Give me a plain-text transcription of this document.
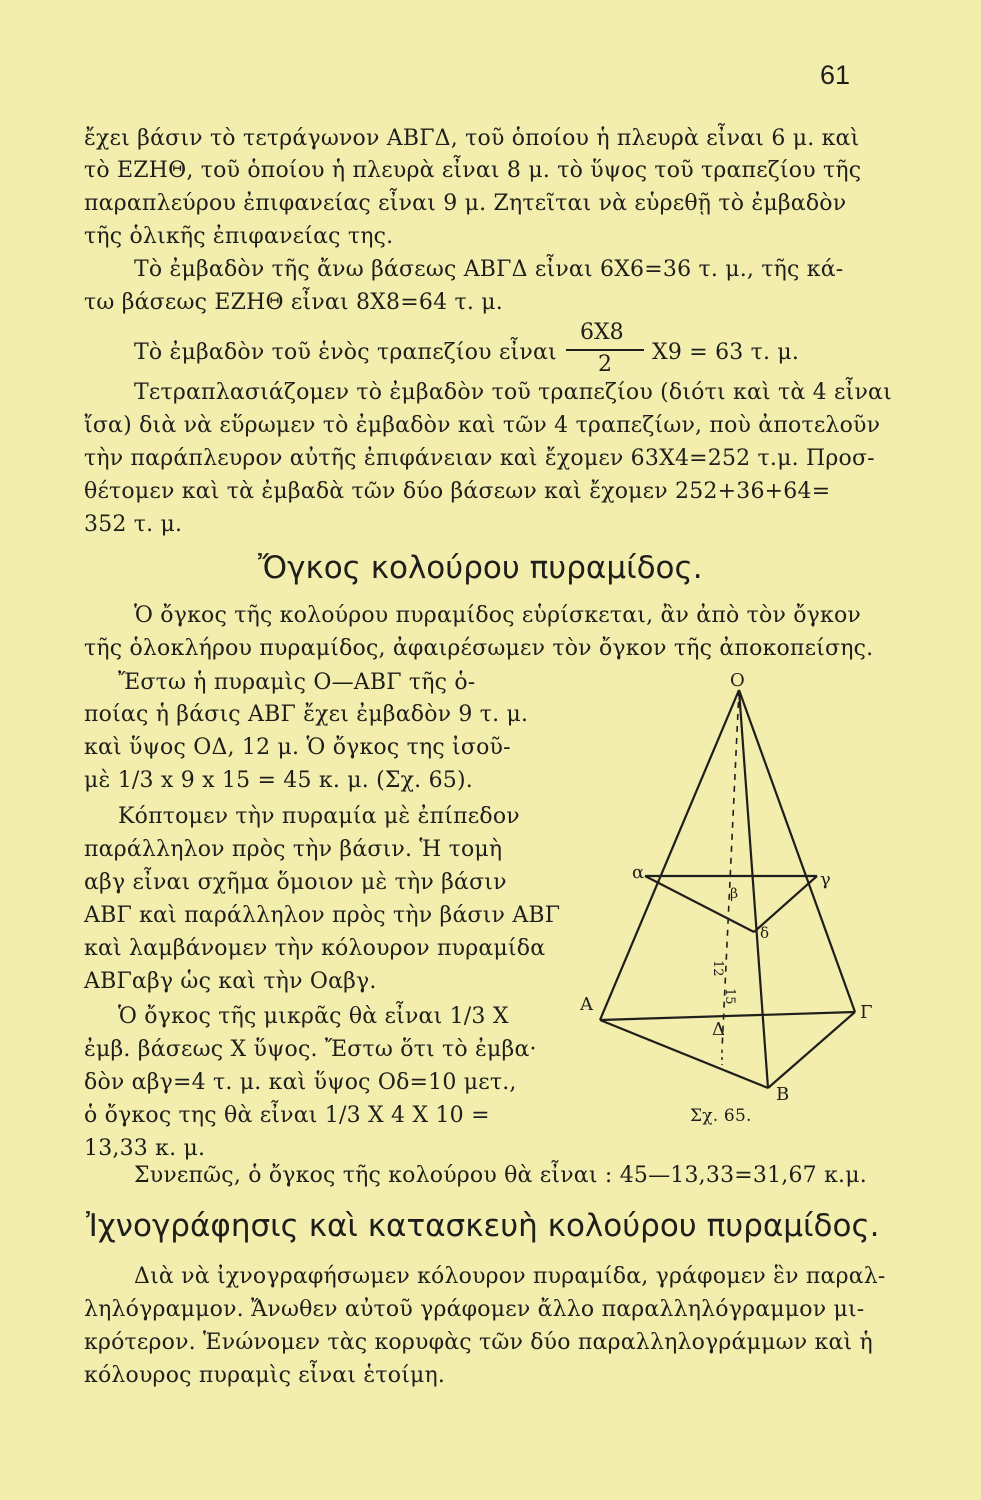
61
ἔχει βάσιν τὸ τετράγωνον ΑΒΓΔ, τοῦ ὁποίου ἡ πλευρὰ εἶναι 6 μ. καὶ
τὸ ΕΖΗΘ, τοῦ ὁποίου ἡ πλευρὰ εἶναι 8 μ. τὸ ὕψος τοῦ τραπεζίου τῆς
παραπλεύρου ἐπιφανείας εἶναι 9 μ. Ζητεῖται νὰ εὑρεθῇ τὸ ἐμβαδὸν
τῆς ὁλικῆς ἐπιφανείας της.
Τὸ ἐμβαδὸν τῆς ἄνω βάσεως ΑΒΓΔ εἶναι 6Χ6=36 τ. μ., τῆς κά-
τω βάσεως ΕΖΗΘ εἶναι 8Χ8=64 τ. μ.
Τὸ ἐμβαδὸν τοῦ ἑνὸς τραπεζίου εἶναι
6Χ8
2 Χ9 = 63 τ. μ.
Τετραπλασιάζομεν τὸ ἐμβαδὸν τοῦ τραπεζίου (διότι καὶ τὰ 4 εἶναι
ἴσα) διὰ νὰ εὕρωμεν τὸ ἐμβαδὸν καὶ τῶν 4 τραπεζίων, ποὺ ἀποτελοῦν
τὴν παράπλευρον αὐτῆς ἐπιφάνειαν καὶ ἔχομεν 63Χ4=252 τ.μ. Προσ-
θέτομεν καὶ τὰ ἐμβαδὰ τῶν δύο βάσεων καὶ ἔχομεν 252+36+64=
352 τ. μ.
Ὄγκος κολούρου πυραμίδος.
Ὁ ὄγκος τῆς κολούρου πυραμίδος εὑρίσκεται, ἂν ἀπὸ τὸν ὄγκον
τῆς ὁλοκλήρου πυραμίδος, ἀφαιρέσωμεν τὸν ὄγκον τῆς ἀποκοπείσης.
Ἔστω ἡ πυραμὶς Ο—ΑΒΓ τῆς ὁ-
ποίας ἡ βάσις ΑΒΓ ἔχει ἐμβαδὸν 9 τ. μ.
καὶ ὕψος ΟΔ, 12 μ. Ὁ ὄγκος της ἰσοῦ-
μὲ 1/3 x 9 x 15 = 45 κ. μ. (Σχ. 65).
Κόπτομεν τὴν πυραμία μὲ ἐπίπεδον
παράλληλον πρὸς τὴν βάσιν. Ἡ τομὴ
αβγ εἶναι σχῆμα ὅμοιον μὲ τὴν βάσιν
ΑΒΓ καὶ παράλληλον πρὸς τὴν βάσιν ΑΒΓ
καὶ λαμβάνομεν τὴν κόλουρον πυραμίδα
ΑΒΓαβγ ὡς καὶ τὴν Οαβγ.
Ὁ ὄγκος τῆς μικρᾶς θὰ εἶναι 1/3 Χ
ἐμβ. βάσεως Χ ὕψος. Ἔστω ὅτι τὸ ἐμβα·
δὸν αβγ=4 τ. μ. καὶ ὕψος Οδ=10 μετ.,
ὁ ὄγκος της θὰ εἶναι 1/3 Χ 4 Χ 10 =
13,33 κ. μ.
Συνεπῶς, ὁ ὄγκος τῆς κολούρου θὰ εἶναι : 45—13,33=31,67 κ.μ.
Ἰχνογράφησις καὶ κατασκευὴ κολούρου πυραμίδος.
Διὰ νὰ ἰχνογραφήσωμεν κόλουρον πυραμίδα, γράφομεν ἓν παραλ-
ληλόγραμμον. Ἄνωθεν αὐτοῦ γράφομεν ἄλλο παραλληλόγραμμον μι-
κρότερον. Ἑνώνομεν τὰς κορυφὰς τῶν δύο παραλληλογράμμων καὶ ἡ
κόλουρος πυραμὶς εἶναι ἑτοίμη.
Ο
α
β
γ
δ
Α	Γ
Δ
Β
12
15
Σχ. 65.
